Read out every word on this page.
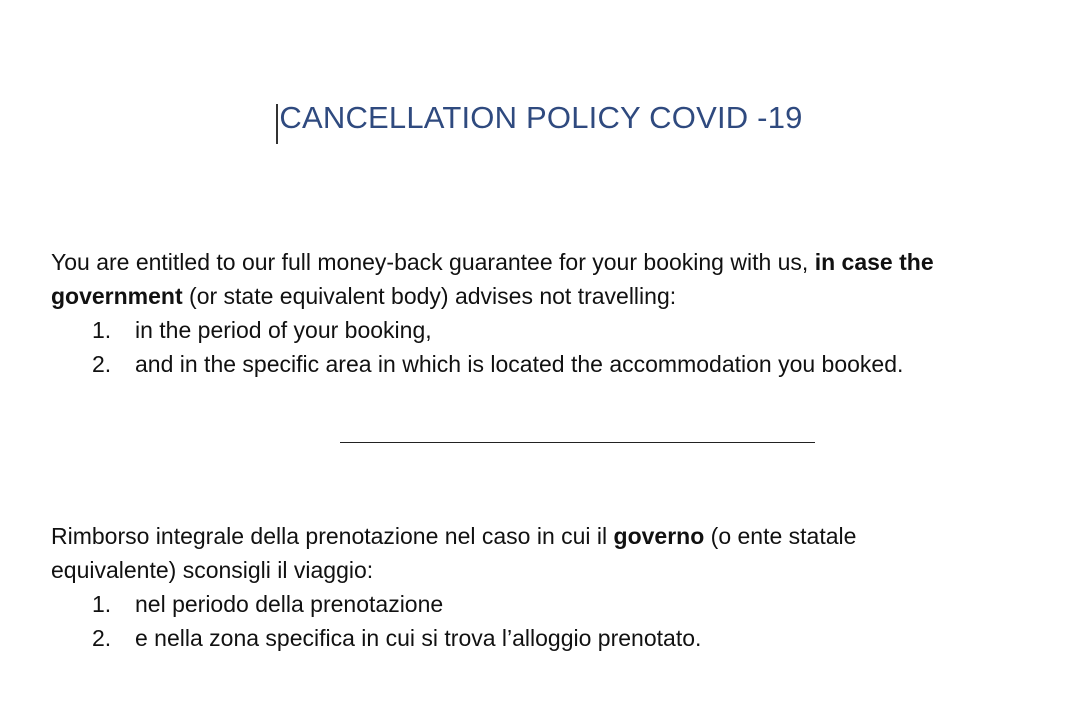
CANCELLATION POLICY COVID -19

You are entitled to our full money-back guarantee for your booking with us, in case the
government (or state equivalent body) advises not travelling:

1. in the period of your booking,
2. and in the specific area in which is located the accommodation you booked.

Rimborso integrale della prenotazione nel caso in cui il governo (o ente statale
equivalente) sconsigli il viaggio:

1. nel periodo della prenotazione
2. e nella zona specifica in cui si trova l’alloggio prenotato.
